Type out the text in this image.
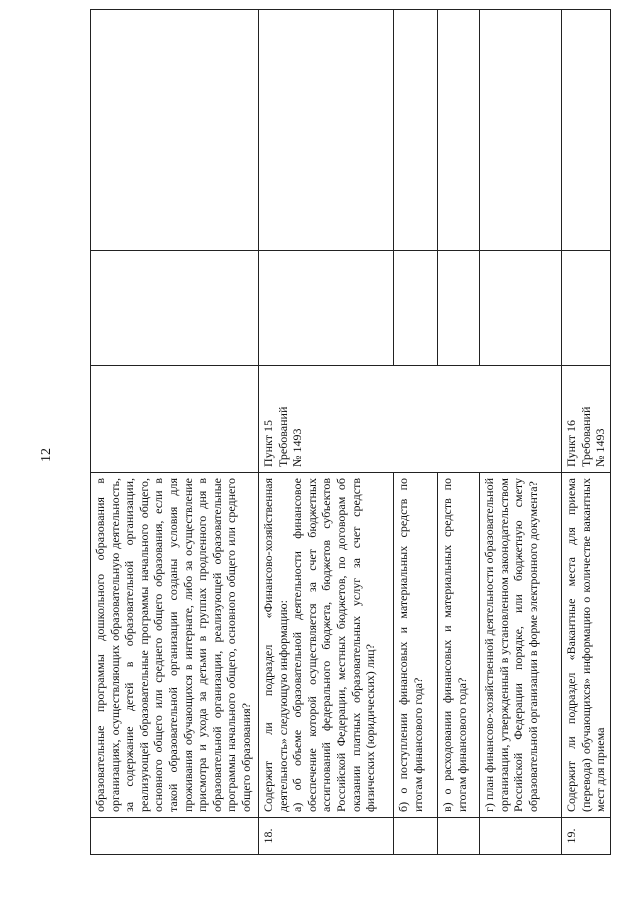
12
	образовательные программы дошкольного образования в организациях, осуществляющих образовательную деятельность, за содержание детей в образовательной организации, реализующей образовательные программы начального общего, основного общего или среднего общего образования, если в такой образовательной организации созданы условия для проживания обучающихся в интернате, либо за осуществление присмотра и ухода за детьми в группах продленного дня в образовательной организации, реализующей образовательные программы начального общего, основного общего или среднего общего образования?			
18.	Содержит ли подраздел «Финансово-хозяйственная деятельность» следующую информацию:
а) об объеме образовательной деятельности финансовое обеспечение которой осуществляется за счет бюджетных ассигнований федерального бюджета, бюджетов субъектов Российской Федерации, местных бюджетов, по договорам об оказании платных образовательных услуг за счет средств физических (юридических) лиц?	Пункт 15 Требований № 1493		

	б) о поступлении финансовых и материальных средств по итогам финансового года?			
	в) о расходовании финансовых и материальных средств по итогам финансового года?			
	г) план финансово-хозяйственной деятельности образовательной организации, утвержденный в установленном законодательством Российской Федерации порядке, или бюджетную смету образовательной организации в форме электронного документа?			
19.	Содержит ли подраздел «Вакантные места для приема (перевода) обучающихся» информацию о количестве вакантных мест для приема	Пункт 16 Требований № 1493		
